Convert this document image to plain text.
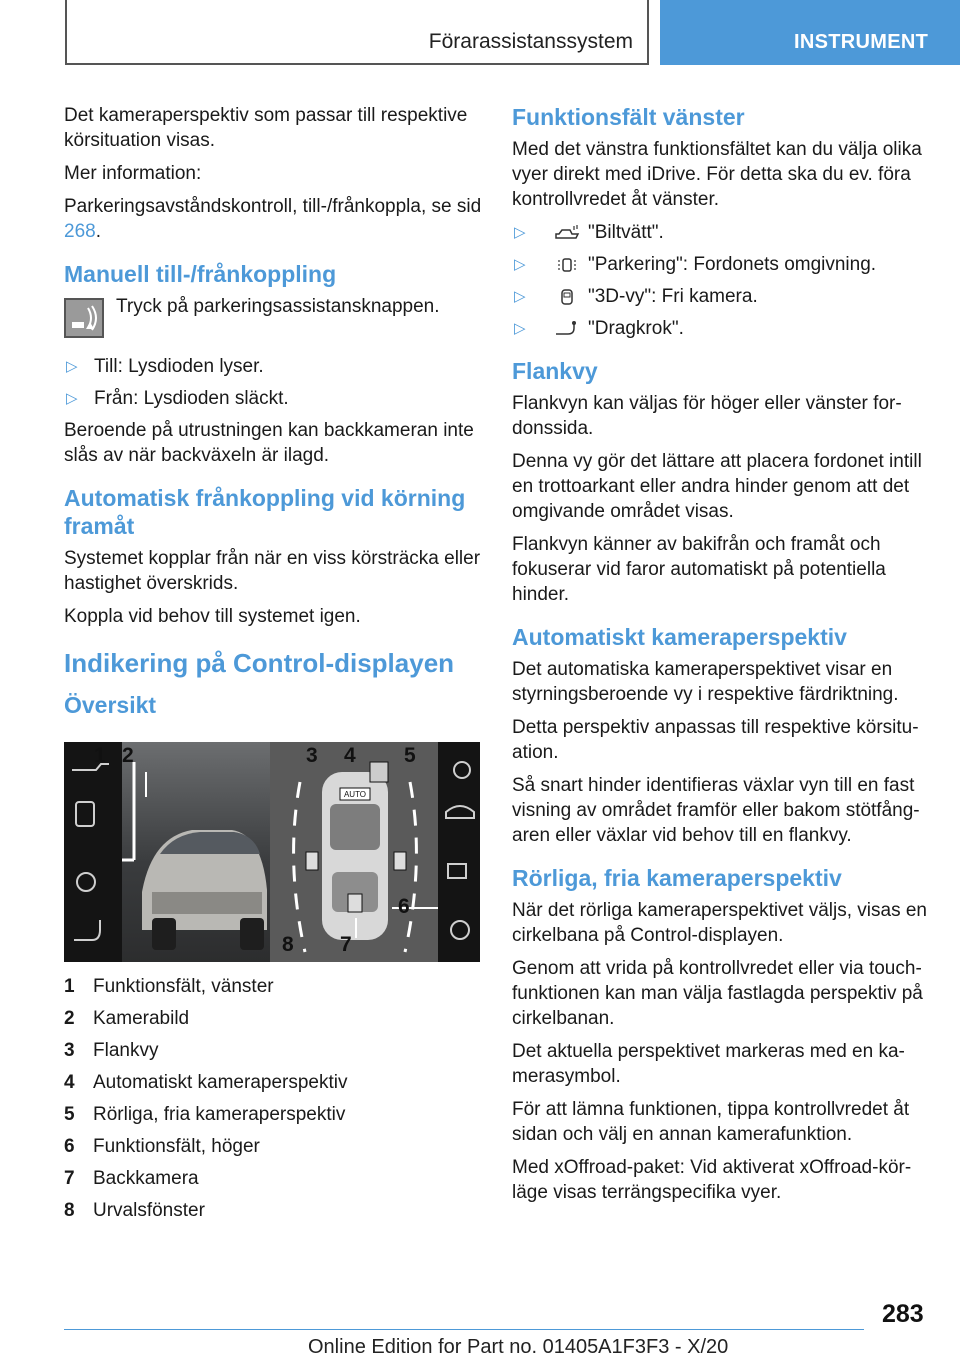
Förarassistanssystem	INSTRUMENT
Det kameraperspektiv som passar till respektive körsituation visas.
Mer information:
Parkeringsavståndskontroll, till-/frånkoppla, se sid 268.
Manuell till-/frånkoppling
Tryck på parkeringsassistansknappen.
▷ Till: Lysdioden lyser.
▷ Från: Lysdioden släckt.
Beroende på utrustningen kan backkameran inte slås av när backväxeln är ilagd.
Automatisk frånkoppling vid körning framåt
Systemet kopplar från när en viss körsträcka eller hastighet överskrids.
Koppla vid behov till systemet igen.
Indikering på Control-displayen
Översikt
AUTO
1 2	3 4 5
6
7
8
1 Funktionsfält, vänster
2 Kamerabild
3 Flankvy
4 Automatiskt kameraperspektiv
5 Rörliga, fria kameraperspektiv
6 Funktionsfält, höger
7 Backkamera
8 Urvalsfönster
Funktionsfält vänster
Med det vänstra funktionsfältet kan du välja olika vyer direkt med iDrive. För detta ska du ev. föra kontrollvredet åt vänster.
▷	"Biltvätt".
▷	"Parkering": Fordonets omgivning.
▷	"3D-vy": Fri kamera.
▷	"Dragkrok".
Flankvy
Flankvyn kan väljas för höger eller vänster fordonssida.
Denna vy gör det lättare att placera fordonet intill en trottoarkant eller andra hinder genom att det omgivande området visas.
Flankvyn känner av bakifrån och framåt och fokuserar vid faror automatiskt på potentiella hinder.
Automatiskt kameraperspektiv
Det automatiska kameraperspektivet visar en styrningsberoende vy i respektive färdriktning.
Detta perspektiv anpassas till respektive körsituation.
Så snart hinder identifieras växlar vyn till en fast visning av området framför eller bakom stötfångaren eller växlar vid behov till en flankvy.
Rörliga, fria kameraperspektiv
När det rörliga kameraperspektivet väljs, visas en cirkelbana på Control-displayen.
Genom att vrida på kontrollvredet eller via touchfunktionen kan man välja fastlagda perspektiv på cirkelbanan.
Det aktuella perspektivet markeras med en kamerasymbol.
För att lämna funktionen, tippa kontrollvredet åt sidan och välj en annan kamerafunktion.
Med xOffroad-paket: Vid aktiverat xOffroad-körläge visas terrängspecifika vyer.
283
Online Edition for Part no. 01405A1F3F3 - X/20
